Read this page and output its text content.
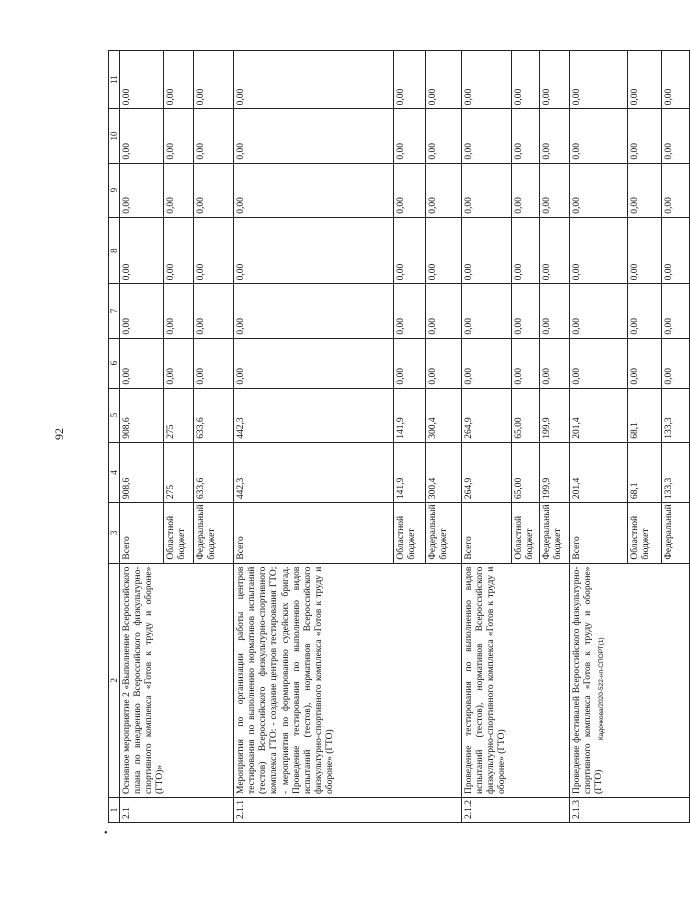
92
•
1	2	3	4	5	6	7	8	9	10	11
2.1	Основное мероприятие 2 «Выполнение Всероссийского плана по внедрению Всероссийского физкультурно-спортивного комплекса «Готов к труду и обороне» (ГТО)»	Всего	908,6	908,6	0,00	0,00	0,00	0,00	0,00	0,00
		Областной бюджет	275	275	0,00	0,00	0,00	0,00	0,00	0,00
		Федеральный бюджет	633,6	633,6	0,00	0,00	0,00	0,00	0,00	0,00
2.1.1	Мероприятия по организации работы центров тестирования по выполнению нормативов испытаний (тестов) Всероссийского физкультурно-спортивного комплекса ГТО: - создание центров тестирования ГТО; - мероприятия по формированию судейских бригад. Проведение тестирования по выполнению видов испытаний (тестов), нормативов Всероссийского физкультурно-спортивного комплекса «Готов к труду и обороне» (ГТО)	Всего	442,3	442,3	0,00	0,00	0,00	0,00	0,00	0,00
		Областной бюджет	141,9	141,9	0,00	0,00	0,00	0,00	0,00	0,00
		Федеральный бюджет	300,4	300,4	0,00	0,00	0,00	0,00	0,00	0,00
2.1.2	Проведение тестирования по выполнению видов испытаний (тестов), нормативов Всероссийского физкультурно-спортивного комплекса «Готов к труду и обороне» (ГТО)	Всего	264,9	264,9	0,00	0,00	0,00	0,00	0,00	0,00
		Областной бюджет	65,00	65,00	0,00	0,00	0,00	0,00	0,00	0,00
		Федеральный бюджет	199,9	199,9	0,00	0,00	0,00	0,00	0,00	0,00
2.1.3	Проведение фестивалей Всероссийского физкультурно-спортивного комплекса «Готов к труду и обороне» (ГТО)	Всего	201,4	201,4	0,00	0,00	0,00	0,00	0,00	0,00
		Областной бюджет	68,1	68,1	0,00	0,00	0,00	0,00	0,00	0,00
		Федеральный	133,3	133,3	0,00	0,00	0,00	0,00	0,00	0,00
Кадочкова/2020-522-нп-СПОРТ(1)
